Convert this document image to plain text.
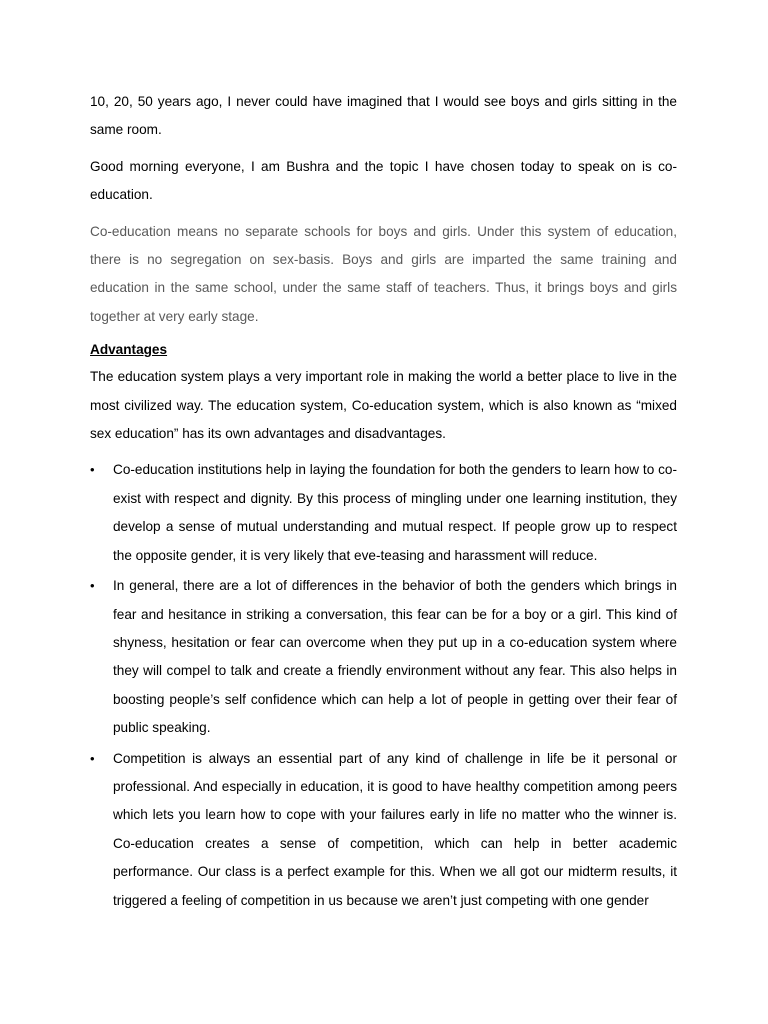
10, 20, 50 years ago, I never could have imagined that I would see boys and girls sitting in the same room.

Good morning everyone, I am Bushra and the topic I have chosen today to speak on is co-education.

Co-education means no separate schools for boys and girls. Under this system of education, there is no segregation on sex-basis. Boys and girls are imparted the same training and education in the same school, under the same staff of teachers. Thus, it brings boys and girls together at very early stage.

Advantages

The education system plays a very important role in making the world a better place to live in the most civilized way. The education system, Co-education system, which is also known as “mixed sex education” has its own advantages and disadvantages.

•	Co-education institutions help in laying the foundation for both the genders to learn how to co-exist with respect and dignity. By this process of mingling under one learning institution, they develop a sense of mutual understanding and mutual respect. If people grow up to respect the opposite gender, it is very likely that eve-teasing and harassment will reduce.
•	In general, there are a lot of differences in the behavior of both the genders which brings in fear and hesitance in striking a conversation, this fear can be for a boy or a girl. This kind of shyness, hesitation or fear can overcome when they put up in a co-education system where they will compel to talk and create a friendly environment without any fear. This also helps in boosting people’s self confidence which can help a lot of people in getting over their fear of public speaking.
•	Competition is always an essential part of any kind of challenge in life be it personal or professional. And especially in education, it is good to have healthy competition among peers which lets you learn how to cope with your failures early in life no matter who the winner is. Co-education creates a sense of competition, which can help in better academic performance. Our class is a perfect example for this. When we all got our midterm results, it triggered a feeling of competition in us because we aren’t just competing with one gender
